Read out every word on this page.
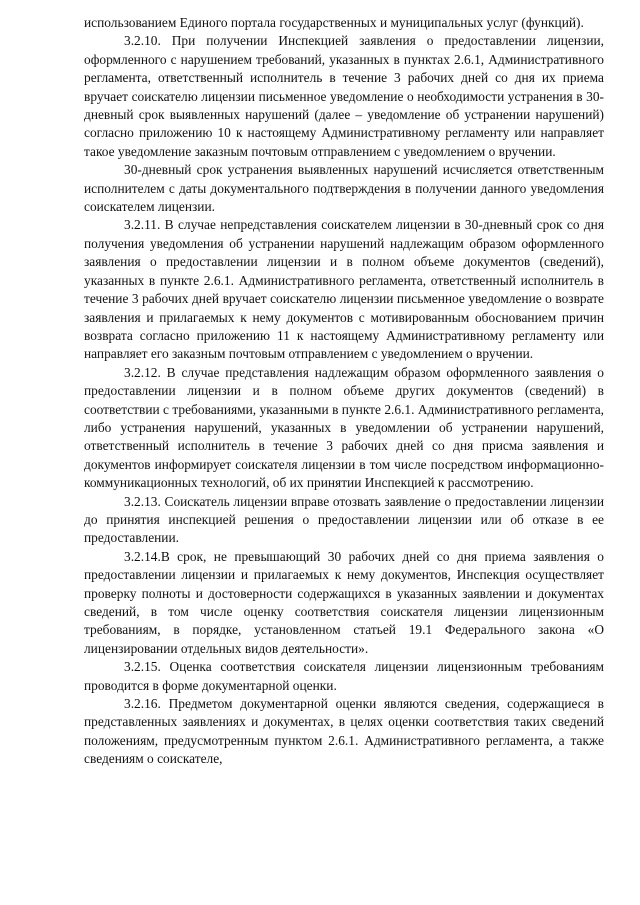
использованием Единого портала государственных и муниципальных услуг (функций).

3.2.10. При получении Инспекцией заявления о предоставлении лицензии, оформленного с нарушением требований, указанных в пунктах 2.6.1, Административного регламента, ответственный исполнитель в течение 3 рабочих дней со дня их приема вручает соискателю лицензии письменное уведомление о необходимости устранения в 30-дневный срок выявленных нарушений (далее – уведомление об устранении нарушений) согласно приложению 10 к настоящему Административному регламенту или направляет такое уведомление заказным почтовым отправлением с уведомлением о вручении.

30-дневный срок устранения выявленных нарушений исчисляется ответственным исполнителем с даты документального подтверждения в получении данного уведомления соискателем лицензии.

3.2.11. В случае непредставления соискателем лицензии в 30-дневный срок со дня получения уведомления об устранении нарушений надлежащим образом оформленного заявления о предоставлении лицензии и в полном объеме документов (сведений), указанных в пункте 2.6.1. Административного регламента, ответственный исполнитель в течение 3 рабочих дней вручает соискателю лицензии письменное уведомление о возврате заявления и прилагаемых к нему документов с мотивированным обоснованием причин возврата согласно приложению 11 к настоящему Административному регламенту или направляет его заказным почтовым отправлением с уведомлением о вручении.

3.2.12. В случае представления надлежащим образом оформленного заявления о предоставлении лицензии и в полном объеме других документов (сведений) в соответствии с требованиями, указанными в пункте 2.6.1. Административного регламента, либо устранения нарушений, указанных в уведомлении об устранении нарушений, ответственный исполнитель в течение 3 рабочих дней со дня присма заявления и документов информирует соискателя лицензии в том числе посредством информационно-коммуникационных технологий, об их принятии Инспекцией к рассмотрению.

3.2.13. Соискатель лицензии вправе отозвать заявление о предоставлении лицензии до принятия инспекцией решения о предоставлении лицензии или об отказе в ее предоставлении.

3.2.14.В срок, не превышающий 30 рабочих дней со дня приема заявления о предоставлении лицензии и прилагаемых к нему документов, Инспекция осуществляет проверку полноты и достоверности содержащихся в указанных заявлении и документах сведений, в том числе оценку соответствия соискателя лицензии лицензионным требованиям, в порядке, установленном статьей 19.1 Федерального закона «О лицензировании отдельных видов деятельности».

3.2.15. Оценка соответствия соискателя лицензии лицензионным требованиям проводится в форме документарной оценки.

3.2.16. Предметом документарной оценки являются сведения, содержащиеся в представленных заявлениях и документах, в целях оценки соответствия таких сведений положениям, предусмотренным пунктом 2.6.1. Административного регламента, а также сведениям о соискателе,
